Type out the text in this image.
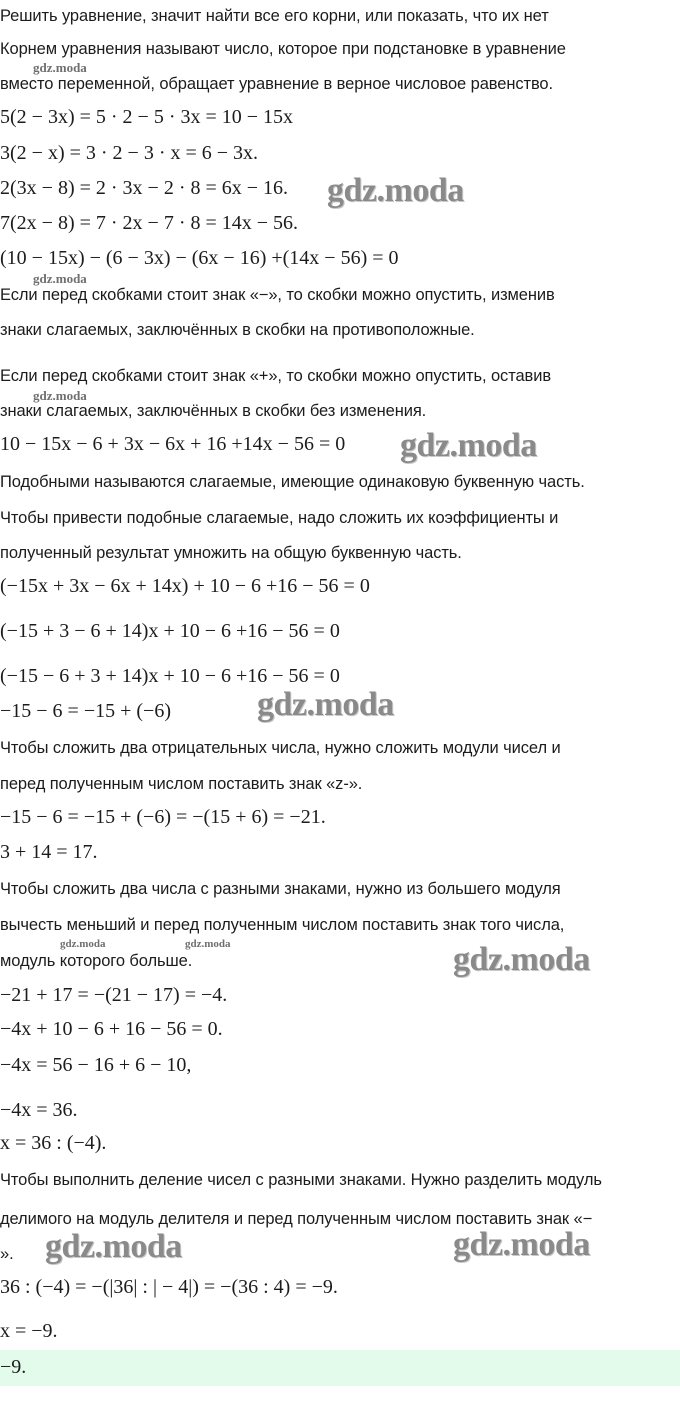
Решить уравнение, значит найти все его корни, или показать, что их нет
Корнем уравнения называют число, которое при подстановке в уравнение
вместо переменной, обращает уравнение в верное числовое равенство.
5(2 − 3x) = 5 · 2 − 5 · 3x = 10 − 15x
3(2 − x) = 3 · 2 − 3 · x = 6 − 3x.
2(3x − 8) = 2 · 3x − 2 · 8 = 6x − 16.
7(2x − 8) = 7 · 2x − 7 · 8 = 14x − 56.
(10 − 15x) − (6 − 3x) − (6x − 16) +(14x − 56) = 0
Если перед скобками стоит знак «−», то скобки можно опустить, изменив
знаки слагаемых, заключённых в скобки на противоположные.
Если перед скобками стоит знак «+», то скобки можно опустить, оставив
знаки слагаемых, заключённых в скобки без изменения.
10 − 15x − 6 + 3x − 6x + 16 +14x − 56 = 0
Подобными называются слагаемые, имеющие одинаковую буквенную часть.
Чтобы привести подобные слагаемые, надо сложить их коэффициенты и
полученный результат умножить на общую буквенную часть.
(−15x + 3x − 6x + 14x) + 10 − 6 +16 − 56 = 0
(−15 + 3 − 6 + 14)x + 10 − 6 +16 − 56 = 0
(−15 − 6 + 3 + 14)x + 10 − 6 +16 − 56 = 0
−15 − 6 = −15 + (−6)
Чтобы сложить два отрицательных числа, нужно сложить модули чисел и
перед полученным числом поставить знак «z-».
−15 − 6 = −15 + (−6) = −(15 + 6) = −21.
3 + 14 = 17.
Чтобы сложить два числа с разными знаками, нужно из большего модуля
вычесть меньший и перед полученным числом поставить знак того числа,
модуль которого больше.
−21 + 17 = −(21 − 17) = −4.
−4x + 10 − 6 + 16 − 56 = 0.
−4x = 56 − 16 + 6 − 10,
−4x = 36.
x = 36 : (−4).
Чтобы выполнить деление чисел с разными знаками. Нужно разделить модуль
делимого на модуль делителя и перед полученным числом поставить знак «−
».
36 : (−4) = −(|36| : | − 4|) = −(36 : 4) = −9.
x = −9.
−9.
gdz.moda
gdz.moda
gdz.moda
gdz.moda
gdz.moda
gdz.moda
gdz.moda	gdz.moda	gdz.moda
gdz.moda	gdz.moda
